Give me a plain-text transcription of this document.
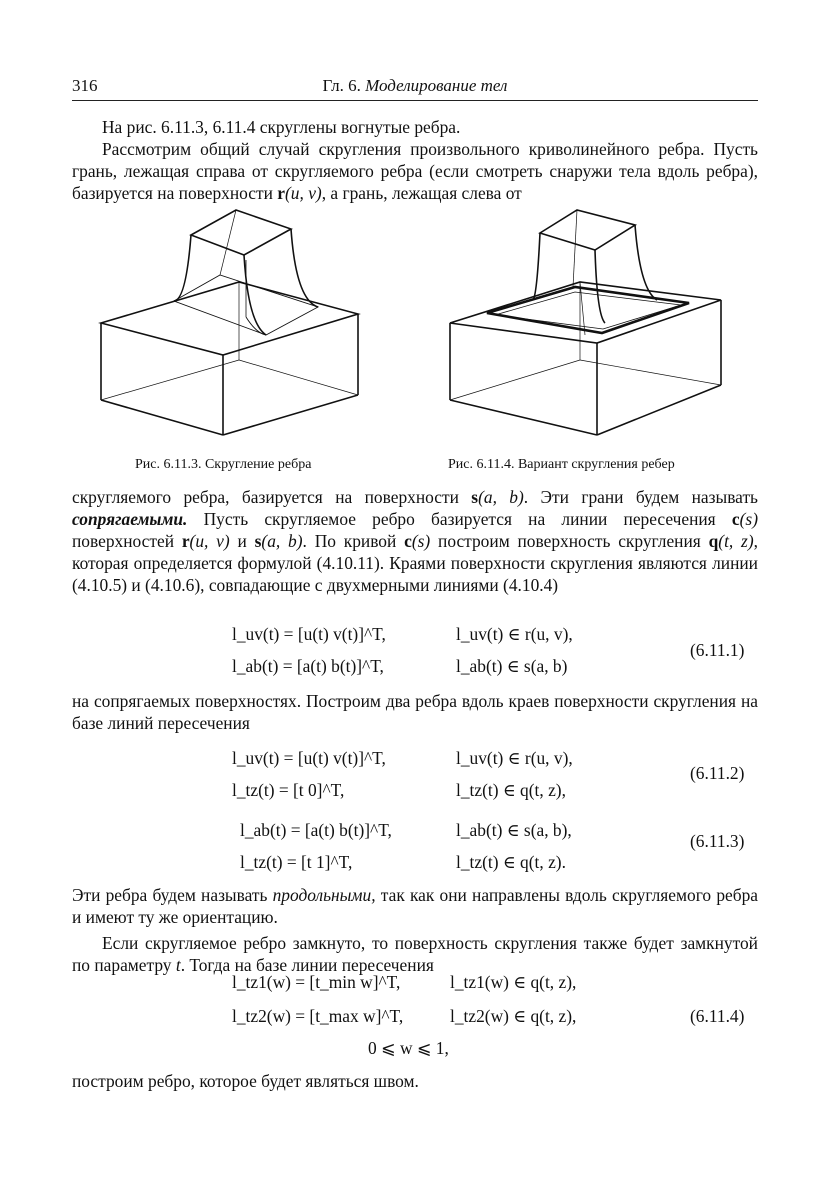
316	Гл. 6. Моделирование тел

На рис. 6.11.3, 6.11.4 скруглены вогнутые ребра.

Рассмотрим общий случай скругления произвольного криволинейного ребра. Пусть грань, лежащая справа от скругляемого ребра (если смотреть снаружи тела вдоль ребра), базируется на поверхности r(u, v), а грань, лежащая слева от

Рис. 6.11.3. Скругление ребра	Рис. 6.11.4. Вариант скругления ребер

скругляемого ребра, базируется на поверхности s(a, b). Эти грани будем называть сопрягаемыми. Пусть скругляемое ребро базируется на линии пересечения c(s) поверхностей r(u, v) и s(a, b). По кривой c(s) построим поверхность скругления q(t, z), которая определяется формулой (4.10.11). Краями поверхности скругления являются линии (4.10.5) и (4.10.6), совпадающие с двухмерными линиями (4.10.4)

l_uv(t) = [u(t) v(t)]^T,	l_uv(t) ∈ r(u, v),
l_ab(t) = [a(t) b(t)]^T,	l_ab(t) ∈ s(a, b)
(6.11.1)

на сопрягаемых поверхностях. Построим два ребра вдоль краев поверхности скругления на базе линий пересечения

l_uv(t) = [u(t) v(t)]^T,	l_uv(t) ∈ r(u, v),
l_tz(t) = [t 0]^T,	l_tz(t) ∈ q(t, z),
(6.11.2)
l_ab(t) = [a(t) b(t)]^T,	l_ab(t) ∈ s(a, b),
l_tz(t) = [t 1]^T,	l_tz(t) ∈ q(t, z).
(6.11.3)

Эти ребра будем называть продольными, так как они направлены вдоль скругляемого ребра и имеют ту же ориентацию.

Если скругляемое ребро замкнуто, то поверхность скругления также будет замкнутой по параметру t. Тогда на базе линии пересечения

l_tz1(w) = [t_min w]^T,	l_tz1(w) ∈ q(t, z),
l_tz2(w) = [t_max w]^T,	l_tz2(w) ∈ q(t, z),
0 ⩽ w ⩽ 1,
(6.11.4)

построим ребро, которое будет являться швом.
